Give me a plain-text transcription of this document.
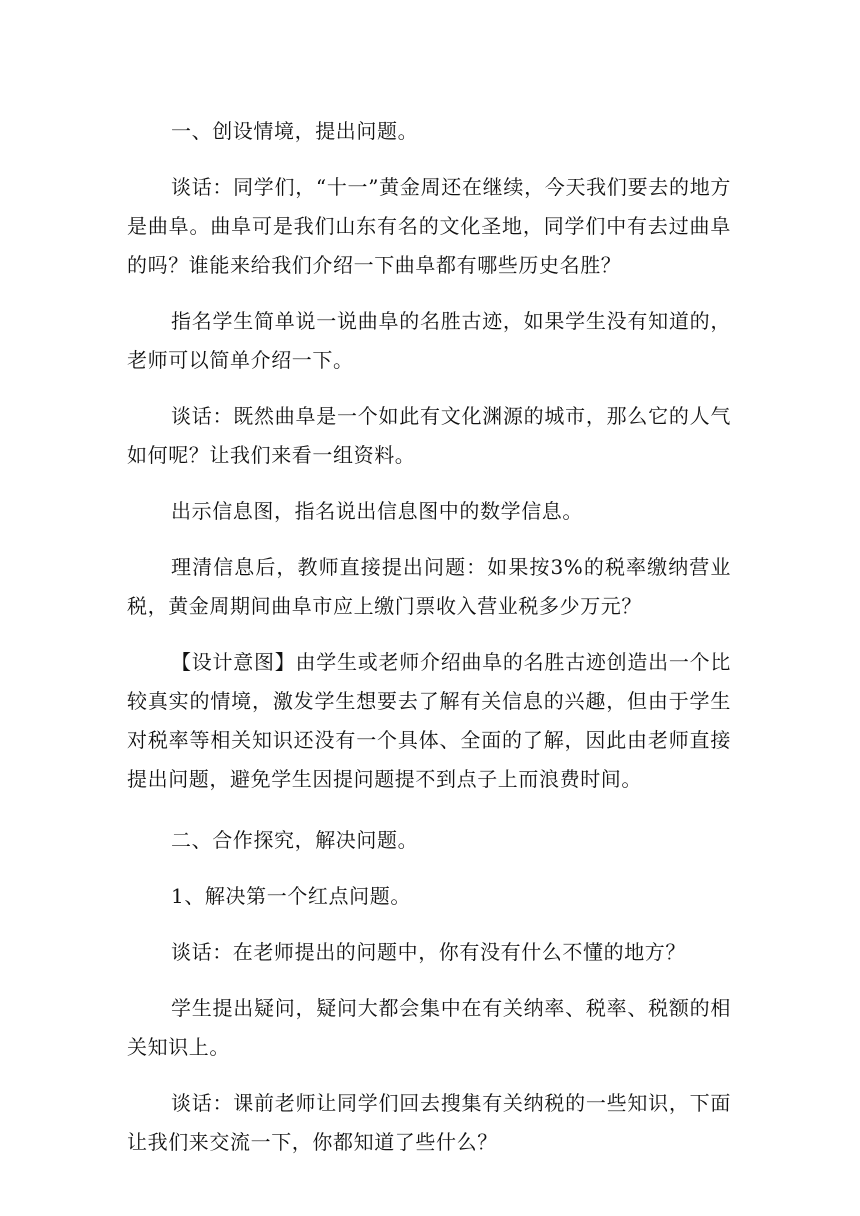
一、创设情境，提出问题。

谈话：同学们，“十一”黄金周还在继续，今天我们要去的地方是曲阜。曲阜可是我们山东有名的文化圣地，同学们中有去过曲阜的吗？谁能来给我们介绍一下曲阜都有哪些历史名胜？

指名学生简单说一说曲阜的名胜古迹，如果学生没有知道的，老师可以简单介绍一下。

谈话：既然曲阜是一个如此有文化渊源的城市，那么它的人气如何呢？让我们来看一组资料。

出示信息图，指名说出信息图中的数学信息。

理清信息后，教师直接提出问题：如果按3%的税率缴纳营业税，黄金周期间曲阜市应上缴门票收入营业税多少万元？

【设计意图】由学生或老师介绍曲阜的名胜古迹创造出一个比较真实的情境，激发学生想要去了解有关信息的兴趣，但由于学生对税率等相关知识还没有一个具体、全面的了解，因此由老师直接提出问题，避免学生因提问题提不到点子上而浪费时间。

二、合作探究，解决问题。

1、解决第一个红点问题。

谈话：在老师提出的问题中，你有没有什么不懂的地方？

学生提出疑问，疑问大都会集中在有关纳率、税率、税额的相关知识上。

谈话：课前老师让同学们回去搜集有关纳税的一些知识，下面让我们来交流一下，你都知道了些什么？
